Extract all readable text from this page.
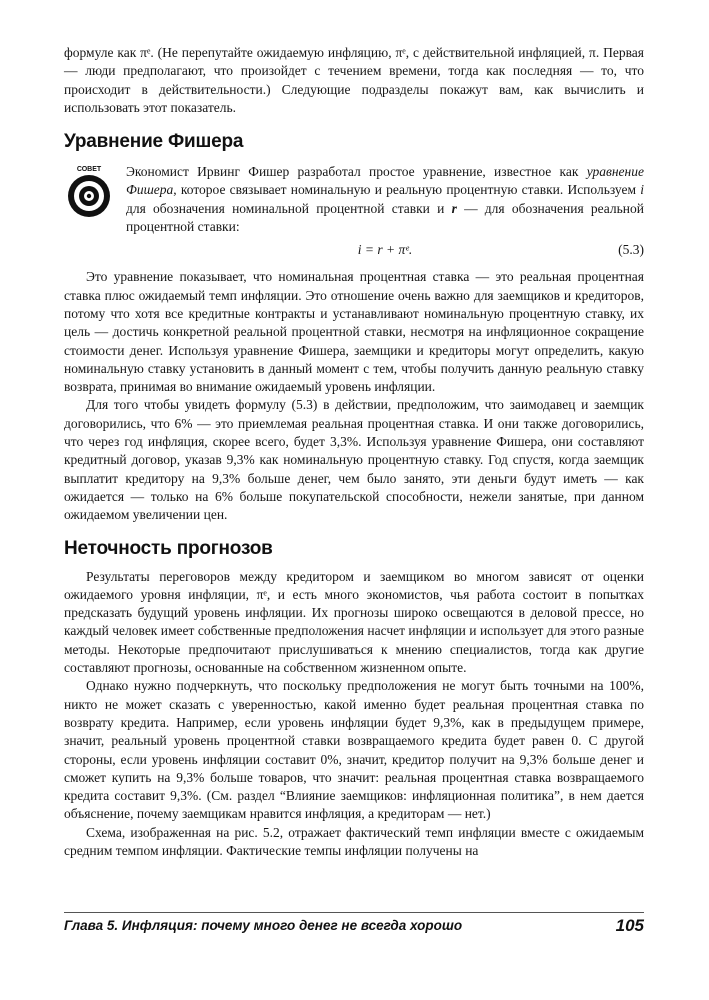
формуле как πᵉ. (Не перепутайте ожидаемую инфляцию, πᵉ, с действительной инфляцией, π. Первая — люди предполагают, что произойдет с течением времени, тогда как последняя — то, что происходит в действительности.) Следующие подразделы покажут вам, как вычислить и использовать этот показатель.

Уравнение Фишера
СОВЕТ Экономист Ирвинг Фишер разработал простое уравнение, известное как уравнение Фишера, которое связывает номинальную и реальную процентную ставки. Используем i для обозначения номинальной процентной ставки и r — для обозначения реальной процентной ставки:

i = r + πᵉ.	(5.3)

Это уравнение показывает, что номинальная процентная ставка — это реальная процентная ставка плюс ожидаемый темп инфляции. Это отношение очень важно для заемщиков и кредиторов, потому что хотя все кредитные контракты и устанавливают номинальную процентную ставку, их цель — достичь конкретной реальной процентной ставки, несмотря на инфляционное сокращение стоимости денег. Используя уравнение Фишера, заемщики и кредиторы могут определить, какую номинальную ставку установить в данный момент с тем, чтобы получить данную реальную ставку возврата, принимая во внимание ожидаемый уровень инфляции.

Для того чтобы увидеть формулу (5.3) в действии, предположим, что заимодавец и заемщик договорились, что 6% — это приемлемая реальная процентная ставка. И они также договорились, что через год инфляция, скорее всего, будет 3,3%. Используя уравнение Фишера, они составляют кредитный договор, указав 9,3% как номинальную процентную ставку. Год спустя, когда заемщик выплатит кредитору на 9,3% больше денег, чем было занято, эти деньги будут иметь — как ожидается — только на 6% больше покупательской способности, нежели занятые, при данном ожидаемом увеличении цен.

Неточность прогнозов

Результаты переговоров между кредитором и заемщиком во многом зависят от оценки ожидаемого уровня инфляции, πᵉ, и есть много экономистов, чья работа состоит в попытках предсказать будущий уровень инфляции. Их прогнозы широко освещаются в деловой прессе, но каждый человек имеет собственные предположения насчет инфляции и использует для этого разные методы. Некоторые предпочитают прислушиваться к мнению специалистов, тогда как другие составляют прогнозы, основанные на собственном жизненном опыте.

Однако нужно подчеркнуть, что поскольку предположения не могут быть точными на 100%, никто не может сказать с уверенностью, какой именно будет реальная процентная ставка по возврату кредита. Например, если уровень инфляции будет 9,3%, как в предыдущем примере, значит, реальный уровень процентной ставки возвращаемого кредита будет равен 0. С другой стороны, если уровень инфляции составит 0%, значит, кредитор получит на 9,3% больше денег и сможет купить на 9,3% больше товаров, что значит: реальная процентная ставка возвращаемого кредита составит 9,3%. (См. раздел “Влияние заемщиков: инфляционная политика”, в нем дается объяснение, почему заемщикам нравится инфляция, а кредиторам — нет.)

Схема, изображенная на рис. 5.2, отражает фактический темп инфляции вместе с ожидаемым средним темпом инфляции. Фактические темпы инфляции получены на

Глава 5. Инфляция: почему много денег не всегда хорошо	105
